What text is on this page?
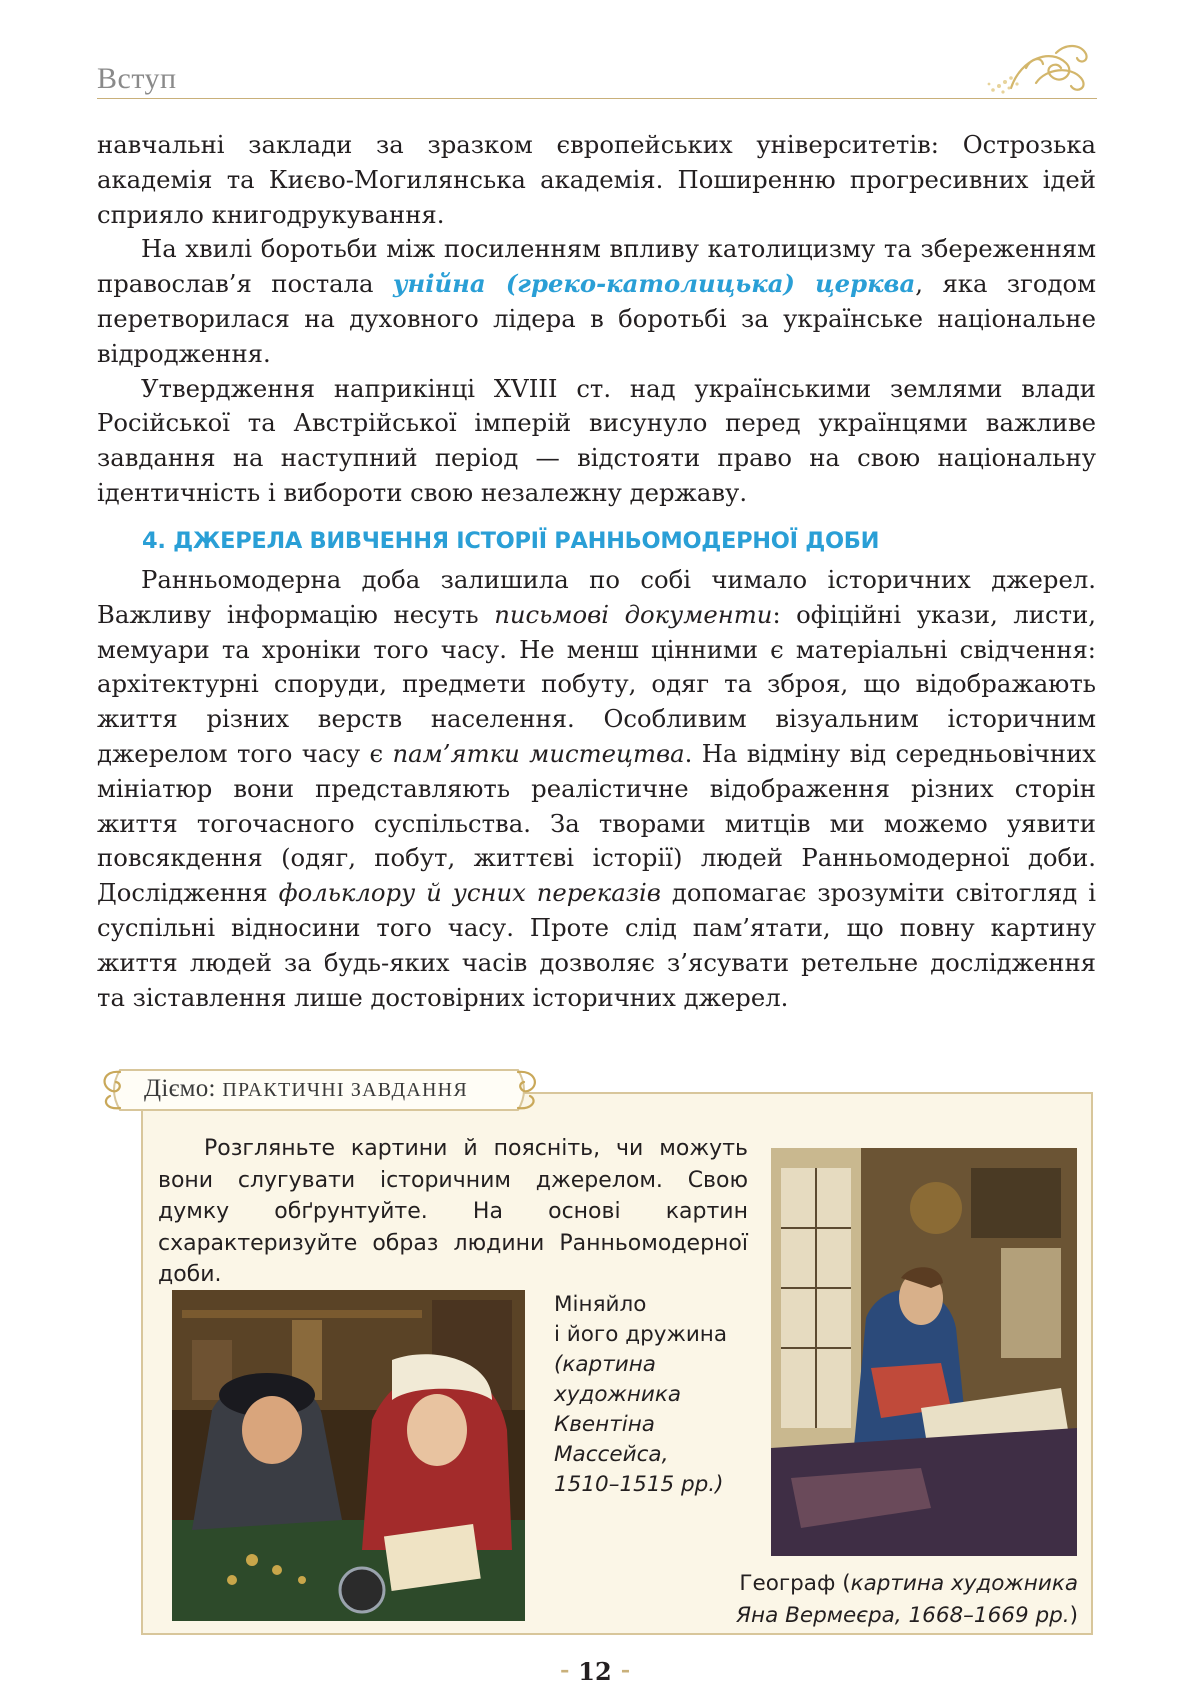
Вступ

навчальні заклади за зразком європейських університетів: Острозька академія та Києво-Могилянська академія. Поширенню прогресивних ідей сприяло книгодрукування.

На хвилі боротьби між посиленням впливу католицизму та збереженням православ’я постала унійна (греко-католицька) церква, яка згодом перетворилася на духовного лідера в боротьбі за українське національне відродження.

Утвердження наприкінці XVIII ст. над українськими землями влади Російської та Австрійської імперій висунуло перед українцями важливе завдання на наступний період — відстояти право на свою національну ідентичність і вибороти свою незалежну державу.

4. ДЖЕРЕЛА ВИВЧЕННЯ ІСТОРІЇ РАННЬОМОДЕРНОЇ ДОБИ

Ранньомодерна доба залишила по собі чимало історичних джерел. Важливу інформацію несуть письмові документи: офіційні укази, листи, мемуари та хроніки того часу. Не менш цінними є матеріальні свідчення: архітектурні споруди, предмети побуту, одяг та зброя, що відображають життя різних верств населення. Особливим візуальним історичним джерелом того часу є пам’ятки мистецтва. На відміну від середньовічних мініатюр вони представляють реалістичне відображення різних сторін життя тогочасного суспільства. За творами митців ми можемо уявити повсякдення (одяг, побут, життєві історії) людей Ранньомодерної доби. Дослідження фольклору й усних переказів допомагає зрозуміти світогляд і суспільні відносини того часу. Проте слід пам’ятати, що повну картину життя людей за будь-яких часів дозволяє з’ясувати ретельне дослідження та зіставлення лише достовірних історичних джерел.

Діємо: ПРАКТИЧНІ ЗАВДАННЯ

Розгляньте картини й поясніть, чи можуть вони слугувати історичним джерелом. Свою думку обґрунтуйте. На основі картин схарактеризуйте образ людини Ранньомодерної доби.

Міняйло
і його дружина
(картина
художника
Квентіна
Массейса,
1510–1515 рр.)
Географ (картина художника
Яна Вермеєра, 1668–1669 рр.)
⁃ 12 ⁃
